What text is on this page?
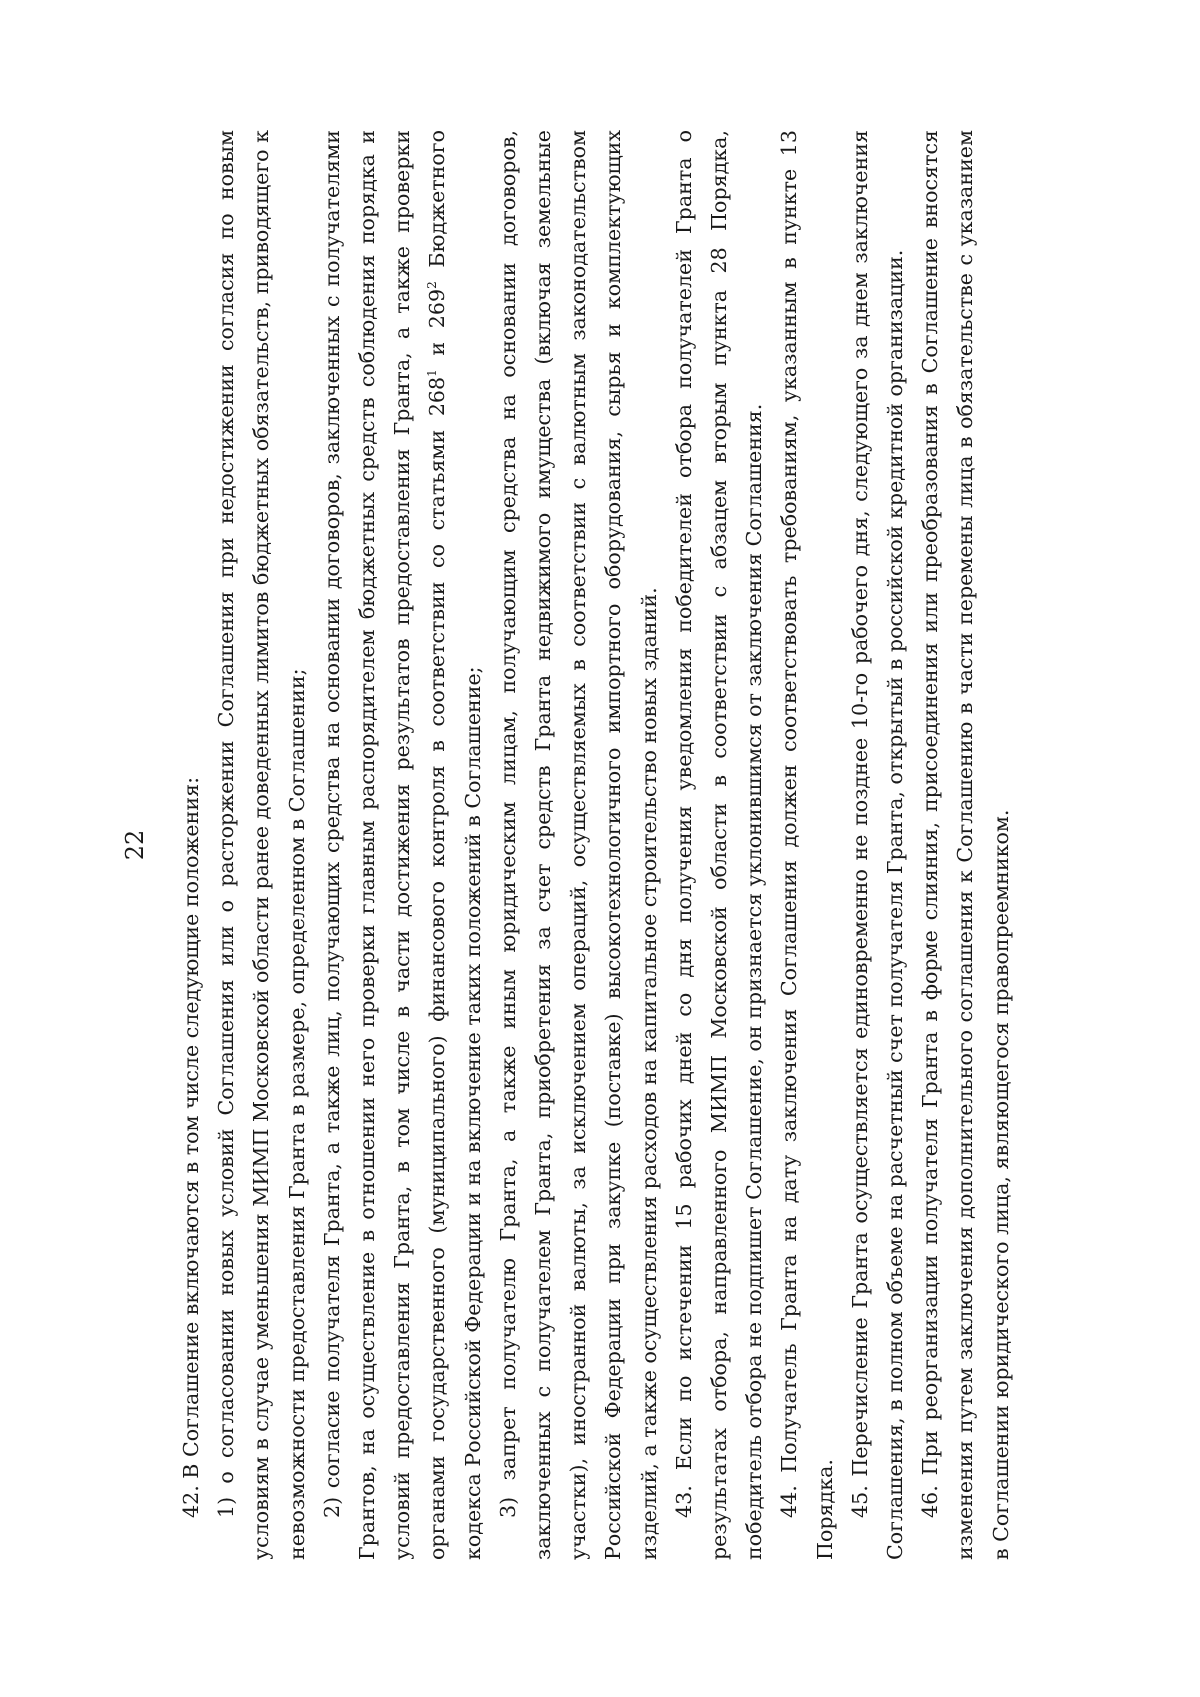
22 42. В Соглашение включаются в том числе следующие положения: 1) о согласовании новых условий Соглашения или о расторжении Соглашения при недостижении согласия по новым условиям в случае уменьшения МИМП Московской области ранее доведенных лимитов бюджетных обязательств, приводящего к невозможности предоставления Гранта в размере, определенном в Соглашении; 2) согласие получателя Гранта, а также лиц, получающих средства на основании договоров, заключенных с получателями Грантов, на осуществление в отношении него проверки главным распорядителем бюджетных средств соблюдения порядка и условий предоставления Гранта, в том числе в части достижения результатов предоставления Гранта, а также проверки органами государственного (муниципального) финансового контроля в соответствии со статьями $268^1$ и $269^2$ Бюджетного кодекса Российской Федерации и на включение таких положений в Соглашение; 3) запрет получателю Гранта, а также иным юридическим лицам, получающим средства на основании договоров, заключенных с получателем Гранта, приобретения за счет средств Гранта недвижимого имущества (включая земельные участки), иностранной валюты, за исключением операций, осуществляемых в соответствии с валютным законодательством Российской Федерации при закупке (поставке) высокотехнологичного импортного оборудования, сырья и комплектующих изделий, а также осуществления расходов на капитальное строительство новых зданий. 43. Если по истечении 15 рабочих дней со дня получения уведомления победителей отбора получателей Гранта о результатах отбора, направленного МИМП Московской области в соответствии с абзацем вторым пункта 28 Порядка, победитель отбора не подпишет Соглашение, он признается уклонившимся от заключения Соглашения. 44. Получатель Гранта на дату заключения Соглашения должен соответствовать требованиям, указанным в пункте 13 Порядка. 45. Перечисление Гранта осуществляется единовременно не позднее 10-го рабочего дня, следующего за днем заключения Соглашения, в полном объеме на расчетный счет получателя Гранта, открытый в российской кредитной организации. 46. При реорганизации получателя Гранта в форме слияния, присоединения или преобразования в Соглашение вносятся изменения путем заключения дополнительного соглашения к Соглашению в части перемены лица в обязательстве с указанием в Соглашении юридического лица, являющегося правопреемником.
